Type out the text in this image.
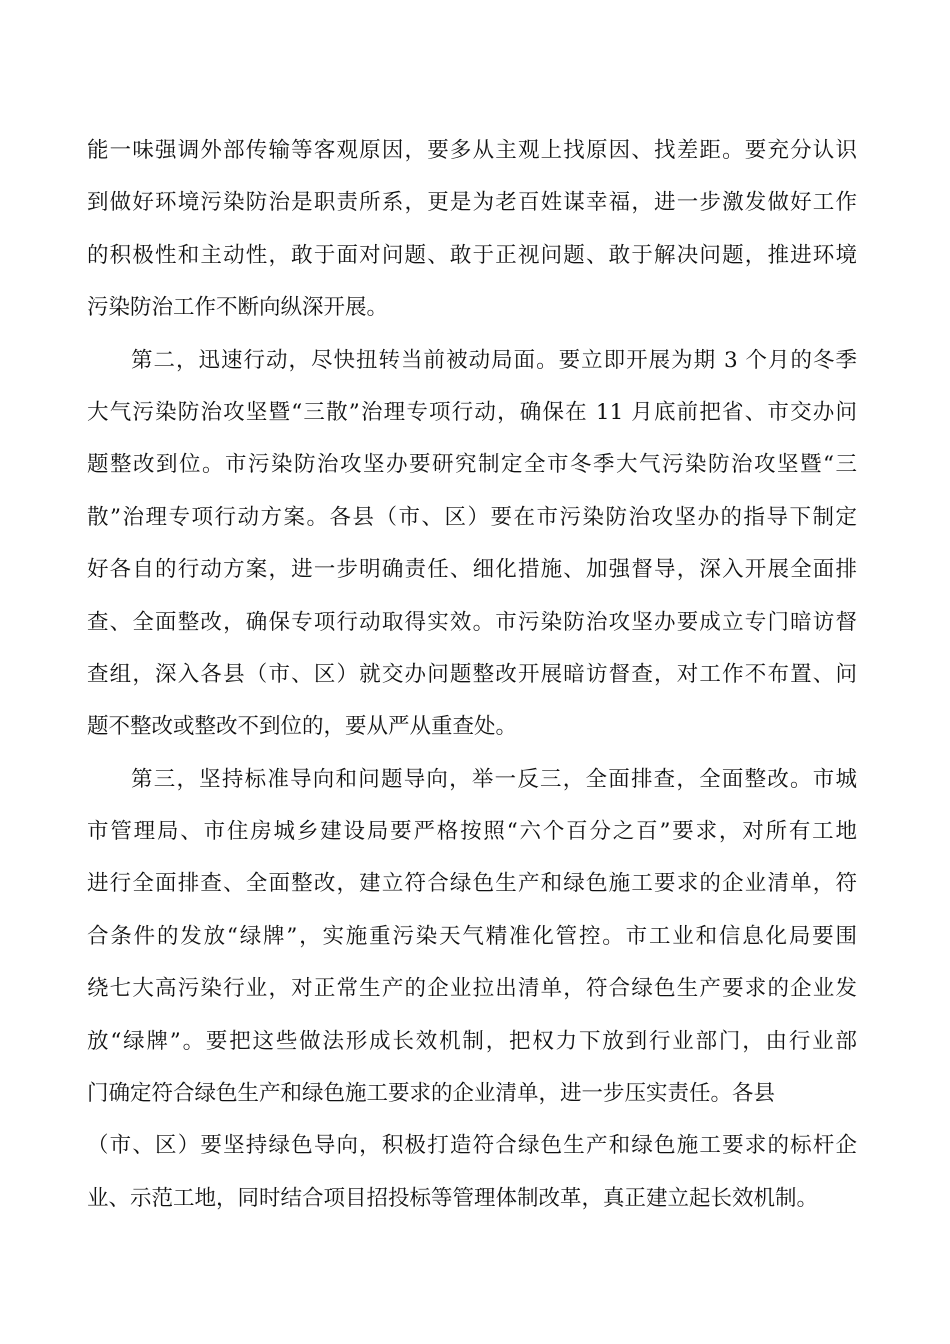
能一味强调外部传输等客观原因，要多从主观上找原因、找差距。要充分认识
到做好环境污染防治是职责所系，更是为老百姓谋幸福，进一步激发做好工作
的积极性和主动性，敢于面对问题、敢于正视问题、敢于解决问题，推进环境
污染防治工作不断向纵深开展。
第二，迅速行动，尽快扭转当前被动局面。要立即开展为期 3 个月的冬季
大气污染防治攻坚暨“三散”治理专项行动，确保在 11 月底前把省、市交办问
题整改到位。市污染防治攻坚办要研究制定全市冬季大气污染防治攻坚暨“三
散”治理专项行动方案。各县（市、区）要在市污染防治攻坚办的指导下制定
好各自的行动方案，进一步明确责任、细化措施、加强督导，深入开展全面排
查、全面整改，确保专项行动取得实效。市污染防治攻坚办要成立专门暗访督
查组，深入各县（市、区）就交办问题整改开展暗访督查，对工作不布置、问
题不整改或整改不到位的，要从严从重查处。
第三，坚持标准导向和问题导向，举一反三，全面排查，全面整改。市城
市管理局、市住房城乡建设局要严格按照“六个百分之百”要求，对所有工地
进行全面排查、全面整改，建立符合绿色生产和绿色施工要求的企业清单，符
合条件的发放“绿牌”，实施重污染天气精准化管控。市工业和信息化局要围
绕七大高污染行业，对正常生产的企业拉出清单，符合绿色生产要求的企业发
放“绿牌”。要把这些做法形成长效机制，把权力下放到行业部门，由行业部
门确定符合绿色生产和绿色施工要求的企业清单，进一步压实责任。各县
（市、区）要坚持绿色导向，积极打造符合绿色生产和绿色施工要求的标杆企
业、示范工地，同时结合项目招投标等管理体制改革，真正建立起长效机制。
